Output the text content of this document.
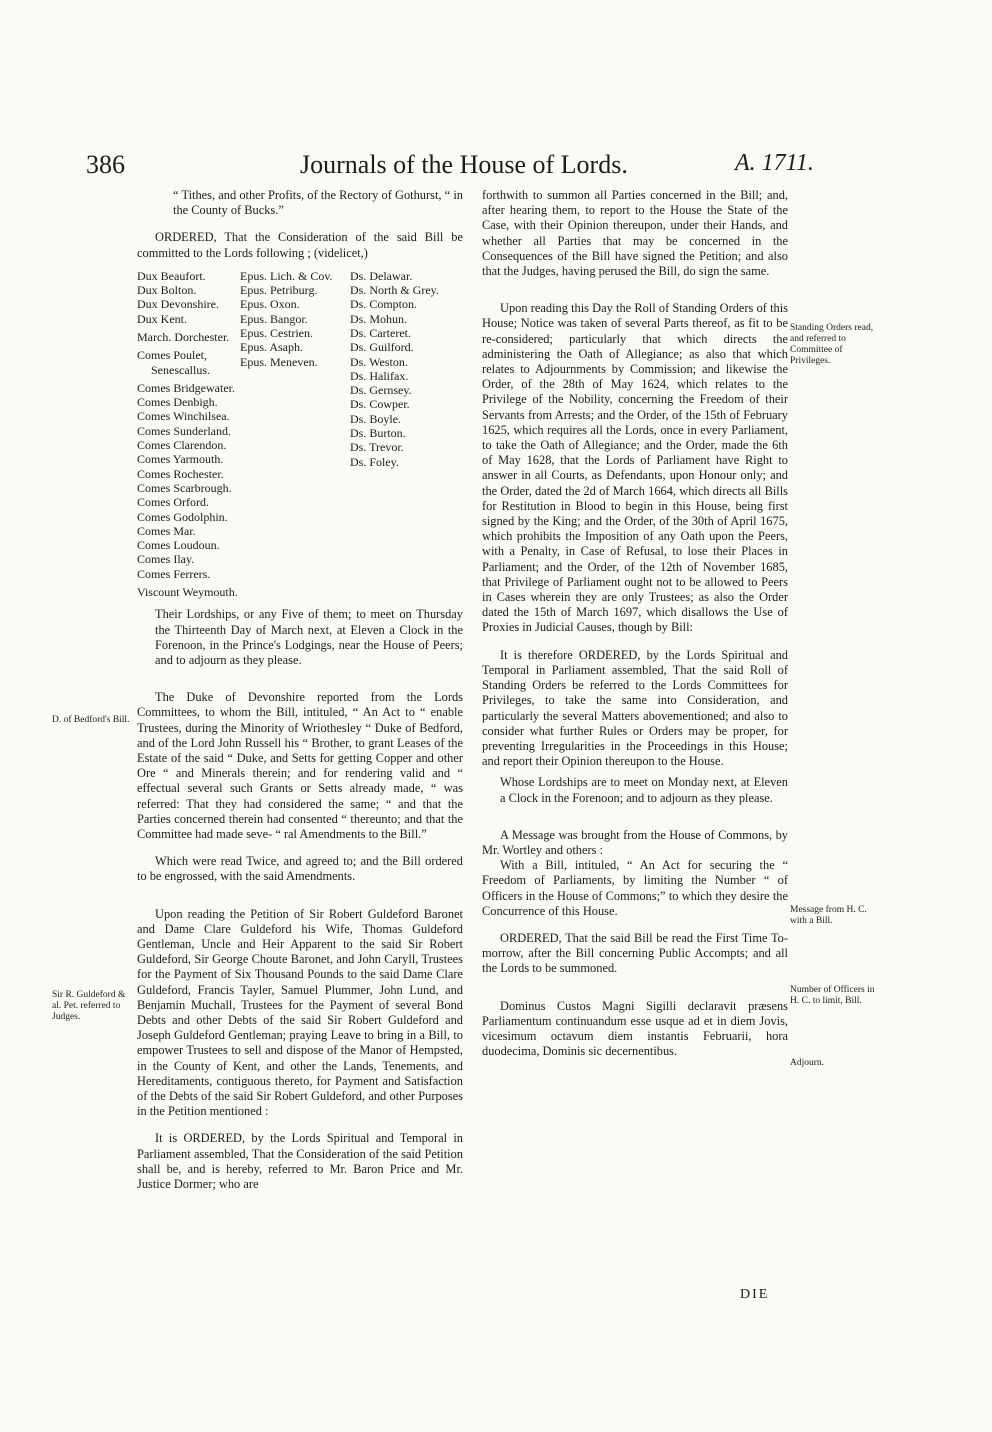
386	Journals of the House of Lords.	A. 1711.

“ Tithes, and other Profits, of the Rectory of Gothurst, “ in the County of Bucks.”

ORDERED, That the Consideration of the said Bill be committed to the Lords following ; (videlicet,)

Dux Beaufort.
Dux Bolton.
Dux Devonshire.
Dux Kent.
March. Dorchester.
Comes Poulet,
Senescallus.
Comes Bridgewater.
Comes Denbigh.
Comes Winchilsea.
Comes Sunderland.
Comes Clarendon.
Comes Yarmouth.
Comes Rochester.
Comes Scarbrough.
Comes Orford.
Comes Godolphin.
Comes Mar.
Comes Loudoun.
Comes Ilay.
Comes Ferrers.
Viscount Weymouth.
Epus. Lich. & Cov.
Epus. Petriburg.
Epus. Oxon.
Epus. Bangor.
Epus. Cestrien.
Epus. Asaph.
Epus. Meneven.
Ds. Delawar.
Ds. North & Grey.
Ds. Compton.
Ds. Mohun.
Ds. Carteret.
Ds. Guilford.
Ds. Weston.
Ds. Halifax.
Ds. Gernsey.
Ds. Cowper.
Ds. Boyle.
Ds. Burton.
Ds. Trevor.
Ds. Foley.

Their Lordships, or any Five of them; to meet on Thursday the Thirteenth Day of March next, at Eleven a Clock in the Forenoon, in the Prince's Lodgings, near the House of Peers; and to adjourn as they please.

The Duke of Devonshire reported from the Lords Committees, to whom the Bill, intituled, “ An Act to “ enable Trustees, during the Minority of Wriothesley “ Duke of Bedford, and of the Lord John Russell his “ Brother, to grant Leases of the Estate of the said “ Duke, and Setts for getting Copper and other Ore “ and Minerals therein; and for rendering valid and “ effectual several such Grants or Setts already made, “ was referred: That they had considered the same; “ and that the Parties concerned therein had consented “ thereunto; and that the Committee had made seve- “ ral Amendments to the Bill.”

Which were read Twice, and agreed to; and the Bill ordered to be engrossed, with the said Amendments.

Upon reading the Petition of Sir Robert Guldeford Baronet and Dame Clare Guldeford his Wife, Thomas Guldeford Gentleman, Uncle and Heir Apparent to the said Sir Robert Guldeford, Sir George Choute Baronet, and John Caryll, Trustees for the Payment of Six Thousand Pounds to the said Dame Clare Guldeford, Francis Tayler, Samuel Plummer, John Lund, and Benjamin Muchall, Trustees for the Payment of several Bond Debts and other Debts of the said Sir Robert Guldeford and Joseph Guldeford Gentleman; praying Leave to bring in a Bill, to empower Trustees to sell and dispose of the Manor of Hempsted, in the County of Kent, and other the Lands, Tenements, and Hereditaments, contiguous thereto, for Payment and Satisfaction of the Debts of the said Sir Robert Guldeford, and other Purposes in the Petition mentioned :

It is ORDERED, by the Lords Spiritual and Temporal in Parliament assembled, That the Consideration of the said Petition shall be, and is hereby, referred to Mr. Baron Price and Mr. Justice Dormer; who are

forthwith to summon all Parties concerned in the Bill; and, after hearing them, to report to the House the State of the Case, with their Opinion thereupon, under their Hands, and whether all Parties that may be concerned in the Consequences of the Bill have signed the Petition; and also that the Judges, having perused the Bill, do sign the same.

Upon reading this Day the Roll of Standing Orders of this House; Notice was taken of several Parts thereof, as fit to be re-considered; particularly that which directs the administering the Oath of Allegiance; as also that which relates to Adjournments by Commission; and likewise the Order, of the 28th of May 1624, which relates to the Privilege of the Nobility, concerning the Freedom of their Servants from Arrests; and the Order, of the 15th of February 1625, which requires all the Lords, once in every Parliament, to take the Oath of Allegiance; and the Order, made the 6th of May 1628, that the Lords of Parliament have Right to answer in all Courts, as Defendants, upon Honour only; and the Order, dated the 2d of March 1664, which directs all Bills for Restitution in Blood to begin in this House, being first signed by the King; and the Order, of the 30th of April 1675, which prohibits the Imposition of any Oath upon the Peers, with a Penalty, in Case of Refusal, to lose their Places in Parliament; and the Order, of the 12th of November 1685, that Privilege of Parliament ought not to be allowed to Peers in Cases wherein they are only Trustees; as also the Order dated the 15th of March 1697, which disallows the Use of Proxies in Judicial Causes, though by Bill:

It is therefore ORDERED, by the Lords Spiritual and Temporal in Parliament assembled, That the said Roll of Standing Orders be referred to the Lords Committees for Privileges, to take the same into Consideration, and particularly the several Matters abovementioned; and also to consider what further Rules or Orders may be proper, for preventing Irregularities in the Proceedings in this House; and report their Opinion thereupon to the House.

Whose Lordships are to meet on Monday next, at Eleven a Clock in the Forenoon; and to adjourn as they please.

A Message was brought from the House of Commons, by Mr. Wortley and others :

With a Bill, intituled, “ An Act for securing the “ Freedom of Parliaments, by limiting the Number “ of Officers in the House of Commons;” to which they desire the Concurrence of this House.

ORDERED, That the said Bill be read the First Time To-morrow, after the Bill concerning Public Accompts; and all the Lords to be summoned.

Dominus Custos Magni Sigilli declaravit præsens Parliamentum continuandum esse usque ad et in diem Jovis, vicesimum octavum diem instantis Februarii, hora duodecima, Dominis sic decernentibus.

D. of Bedford's Bill.
Sir R. Guldeford & al. Pet. referred to Judges.
Standing Orders read, and referred to Committee of Privileges.
Message from H. C. with a Bill.
Number of Officers in H. C. to limit, Bill.
Adjourn.
DIE
